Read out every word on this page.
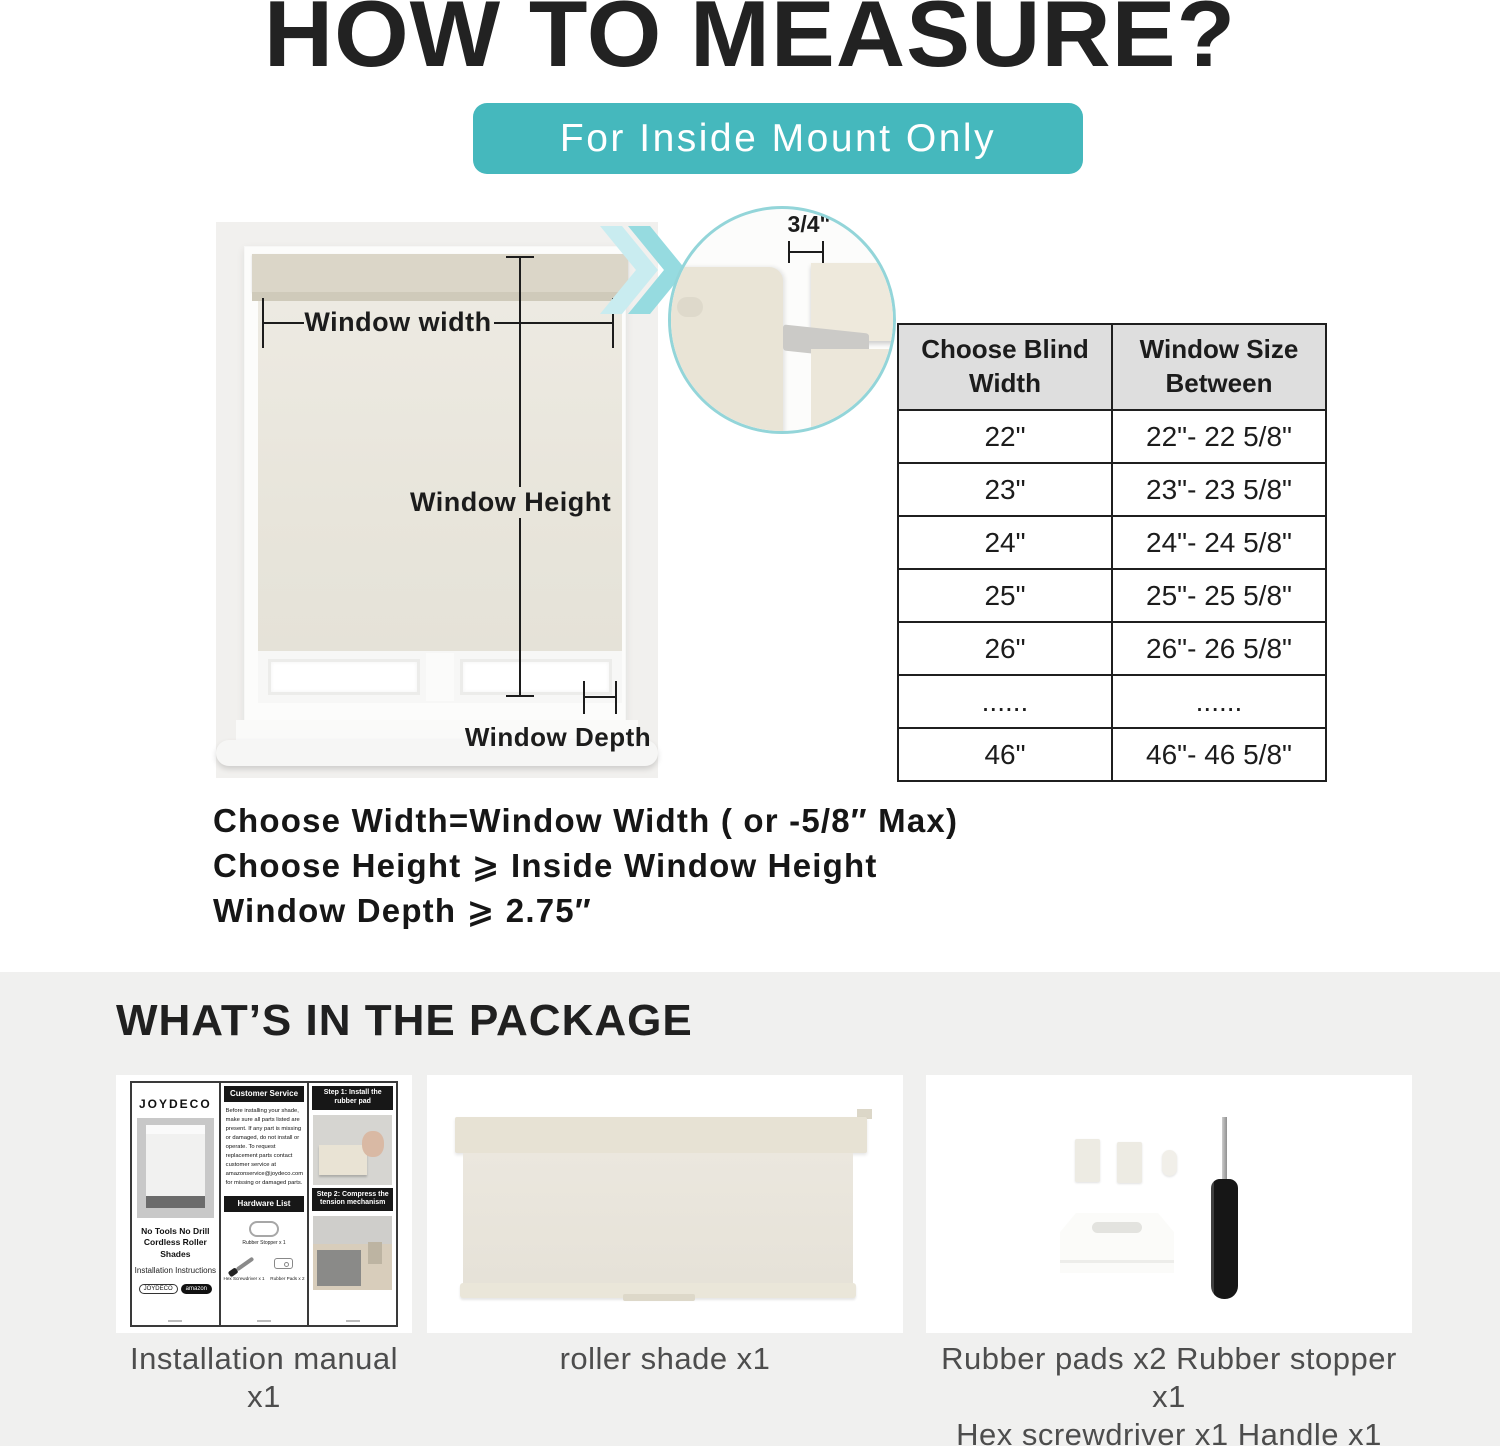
HOW TO MEASURE?
For Inside Mount Only
Window width
Window Height
Window Depth
3/4"
Choose Blind Width	Window Size Between
22"	22"- 22 5/8"
23"	23"- 23 5/8"
24"	24"- 24 5/8"
25"	25"- 25 5/8"
26"	26"- 26 5/8"
......	......
46"	46"- 46 5/8"

Choose Width=Window Width ( or -5/8″ Max)

Choose Height ⩾ Inside Window Height

Window Depth ⩾ 2.75″

WHAT’S IN THE PACKAGE
JOYDECO
No Tools No Drill
Cordless Roller Shades
Installation Instructions
JOYDECO	amazon
Customer Service
Before installing your shade, make sure all parts listed are present. If any part is missing or damaged, do not install or operate. To request replacement parts contact customer service at amazonservice@joydeco.com for missing or damaged parts.
Hardware List
Rubber Stopper x 1
Hex Screwdriver x 1 Rubber Pads x 2
Step 1: Install the rubber pad
Step 2: Compress the tension mechanism
Installation manual x1
roller shade x1	Rubber pads x2 Rubber stopper x1
Hex screwdriver x1 Handle x1
